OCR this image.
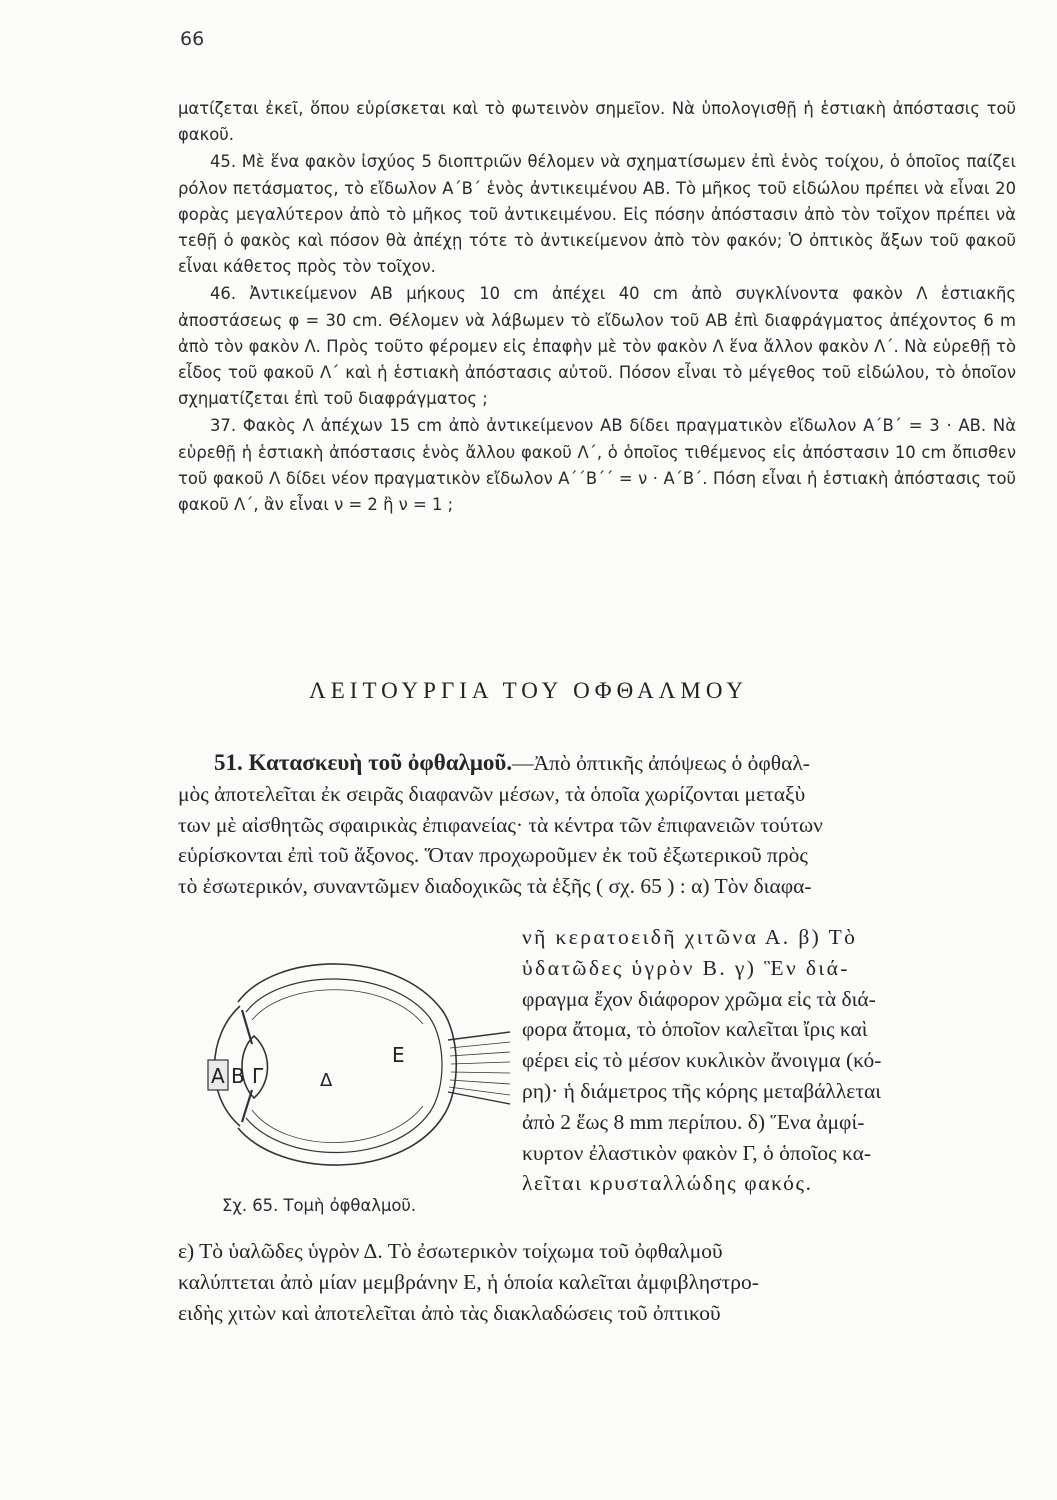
66

ματίζεται ἐκεῖ, ὅπου εὑρίσκεται καὶ τὸ φωτεινὸν σημεῖον. Νὰ ὑπολογισθῇ ἡ ἑστιακὴ ἀπόστασις τοῦ φακοῦ.

45. Μὲ ἕνα φακὸν ἰσχύος 5 διοπτριῶν θέλομεν νὰ σχηματίσωμεν ἐπὶ ἑνὸς τοίχου, ὁ ὁποῖος παίζει ρόλον πετάσματος, τὸ εἴδωλον Α΄Β΄ ἑνὸς ἀντικειμένου ΑΒ. Τὸ μῆκος τοῦ εἰδώλου πρέπει νὰ εἶναι 20 φορὰς μεγαλύτερον ἀπὸ τὸ μῆκος τοῦ ἀντικειμένου. Εἰς πόσην ἀπόστασιν ἀπὸ τὸν τοῖχον πρέπει νὰ τεθῇ ὁ φακὸς καὶ πόσον θὰ ἀπέχῃ τότε τὸ ἀντικείμενον ἀπὸ τὸν φακόν; Ὁ ὀπτικὸς ἄξων τοῦ φακοῦ εἶναι κάθετος πρὸς τὸν τοῖχον.

46. Ἀντικείμενον ΑΒ μήκους 10 cm ἀπέχει 40 cm ἀπὸ συγκλίνοντα φακὸν Λ ἑστιακῆς ἀποστάσεως φ = 30 cm. Θέλομεν νὰ λάβωμεν τὸ εἴδωλον τοῦ ΑΒ ἐπὶ διαφράγματος ἀπέχοντος 6 m ἀπὸ τὸν φακὸν Λ. Πρὸς τοῦτο φέρομεν εἰς ἐπαφὴν μὲ τὸν φακὸν Λ ἕνα ἄλλον φακὸν Λ΄. Νὰ εὑρεθῇ τὸ εἶδος τοῦ φακοῦ Λ΄ καὶ ἡ ἑστιακὴ ἀπόστασις αὐτοῦ. Πόσον εἶναι τὸ μέγεθος τοῦ εἰδώλου, τὸ ὁποῖον σχηματίζεται ἐπὶ τοῦ διαφράγματος ;

37. Φακὸς Λ ἀπέχων 15 cm ἀπὸ ἀντικείμενον ΑΒ δίδει πραγματικὸν εἴδωλον Α΄Β΄ = 3 · ΑΒ. Νὰ εὑρεθῇ ἡ ἑστιακὴ ἀπόστασις ἑνὸς ἄλλου φακοῦ Λ΄, ὁ ὁποῖος τιθέμενος εἰς ἀπόστασιν 10 cm ὄπισθεν τοῦ φακοῦ Λ δίδει νέον πραγματικὸν εἴδωλον Α΄΄Β΄΄ = ν · Α΄Β΄. Πόση εἶναι ἡ ἑστιακὴ ἀπόστασις τοῦ φακοῦ Λ΄, ἂν εἶναι ν = 2 ἢ ν = 1 ;

ΛΕΙΤΟΥΡΓΙΑ ΤΟΥ ΟΦΘΑΛΜΟΥ
51. Κατασκευὴ τοῦ ὀφθαλμοῦ.—Ἀπὸ ὀπτικῆς ἀπόψεως ὁ ὀφθαλ-
μὸς ἀποτελεῖται ἐκ σειρᾶς διαφανῶν μέσων, τὰ ὁποῖα χωρίζονται μεταξὺ
των μὲ αἰσθητῶς σφαιρικὰς ἐπιφανείας· τὰ κέντρα τῶν ἐπιφανειῶν τούτων
εὑρίσκονται ἐπὶ τοῦ ἄξονος. Ὅταν προχωροῦμεν ἐκ τοῦ ἐξωτερικοῦ πρὸς
τὸ ἐσωτερικόν, συναντῶμεν διαδοχικῶς τὰ ἑξῆς ( σχ. 65 ) : α) Τὸν διαφα-
Α Β Γ	Δ
Ε
Σχ. 65. Τομὴ ὀφθαλμοῦ.
νῆ κερατοειδῆ χιτῶνα Α. β) Τὸ
ὑδατῶδες ὑγρὸν Β. γ) Ἓν διά-
φραγμα ἔχον διάφορον χρῶμα εἰς τὰ διά-
φορα ἄτομα, τὸ ὁποῖον καλεῖται ἴρις καὶ
φέρει εἰς τὸ μέσον κυκλικὸν ἄνοιγμα (κό-
ρη)· ἡ διάμετρος τῆς κόρης μεταβάλλεται
ἀπὸ 2 ἕως 8 mm περίπου. δ) Ἕνα ἀμφί-
κυρτον ἐλαστικὸν φακὸν Γ, ὁ ὁποῖος κα-
λεῖται κρυσταλλώδης φακός.
ε) Τὸ ὑαλῶδες ὑγρὸν Δ. Τὸ ἐσωτερικὸν τοίχωμα τοῦ ὀφθαλμοῦ
καλύπτεται ἀπὸ μίαν μεμβράνην Ε, ἡ ὁποία καλεῖται ἀμφιβληστρο-
ειδὴς χιτὼν καὶ ἀποτελεῖται ἀπὸ τὰς διακλαδώσεις τοῦ ὀπτικοῦ
